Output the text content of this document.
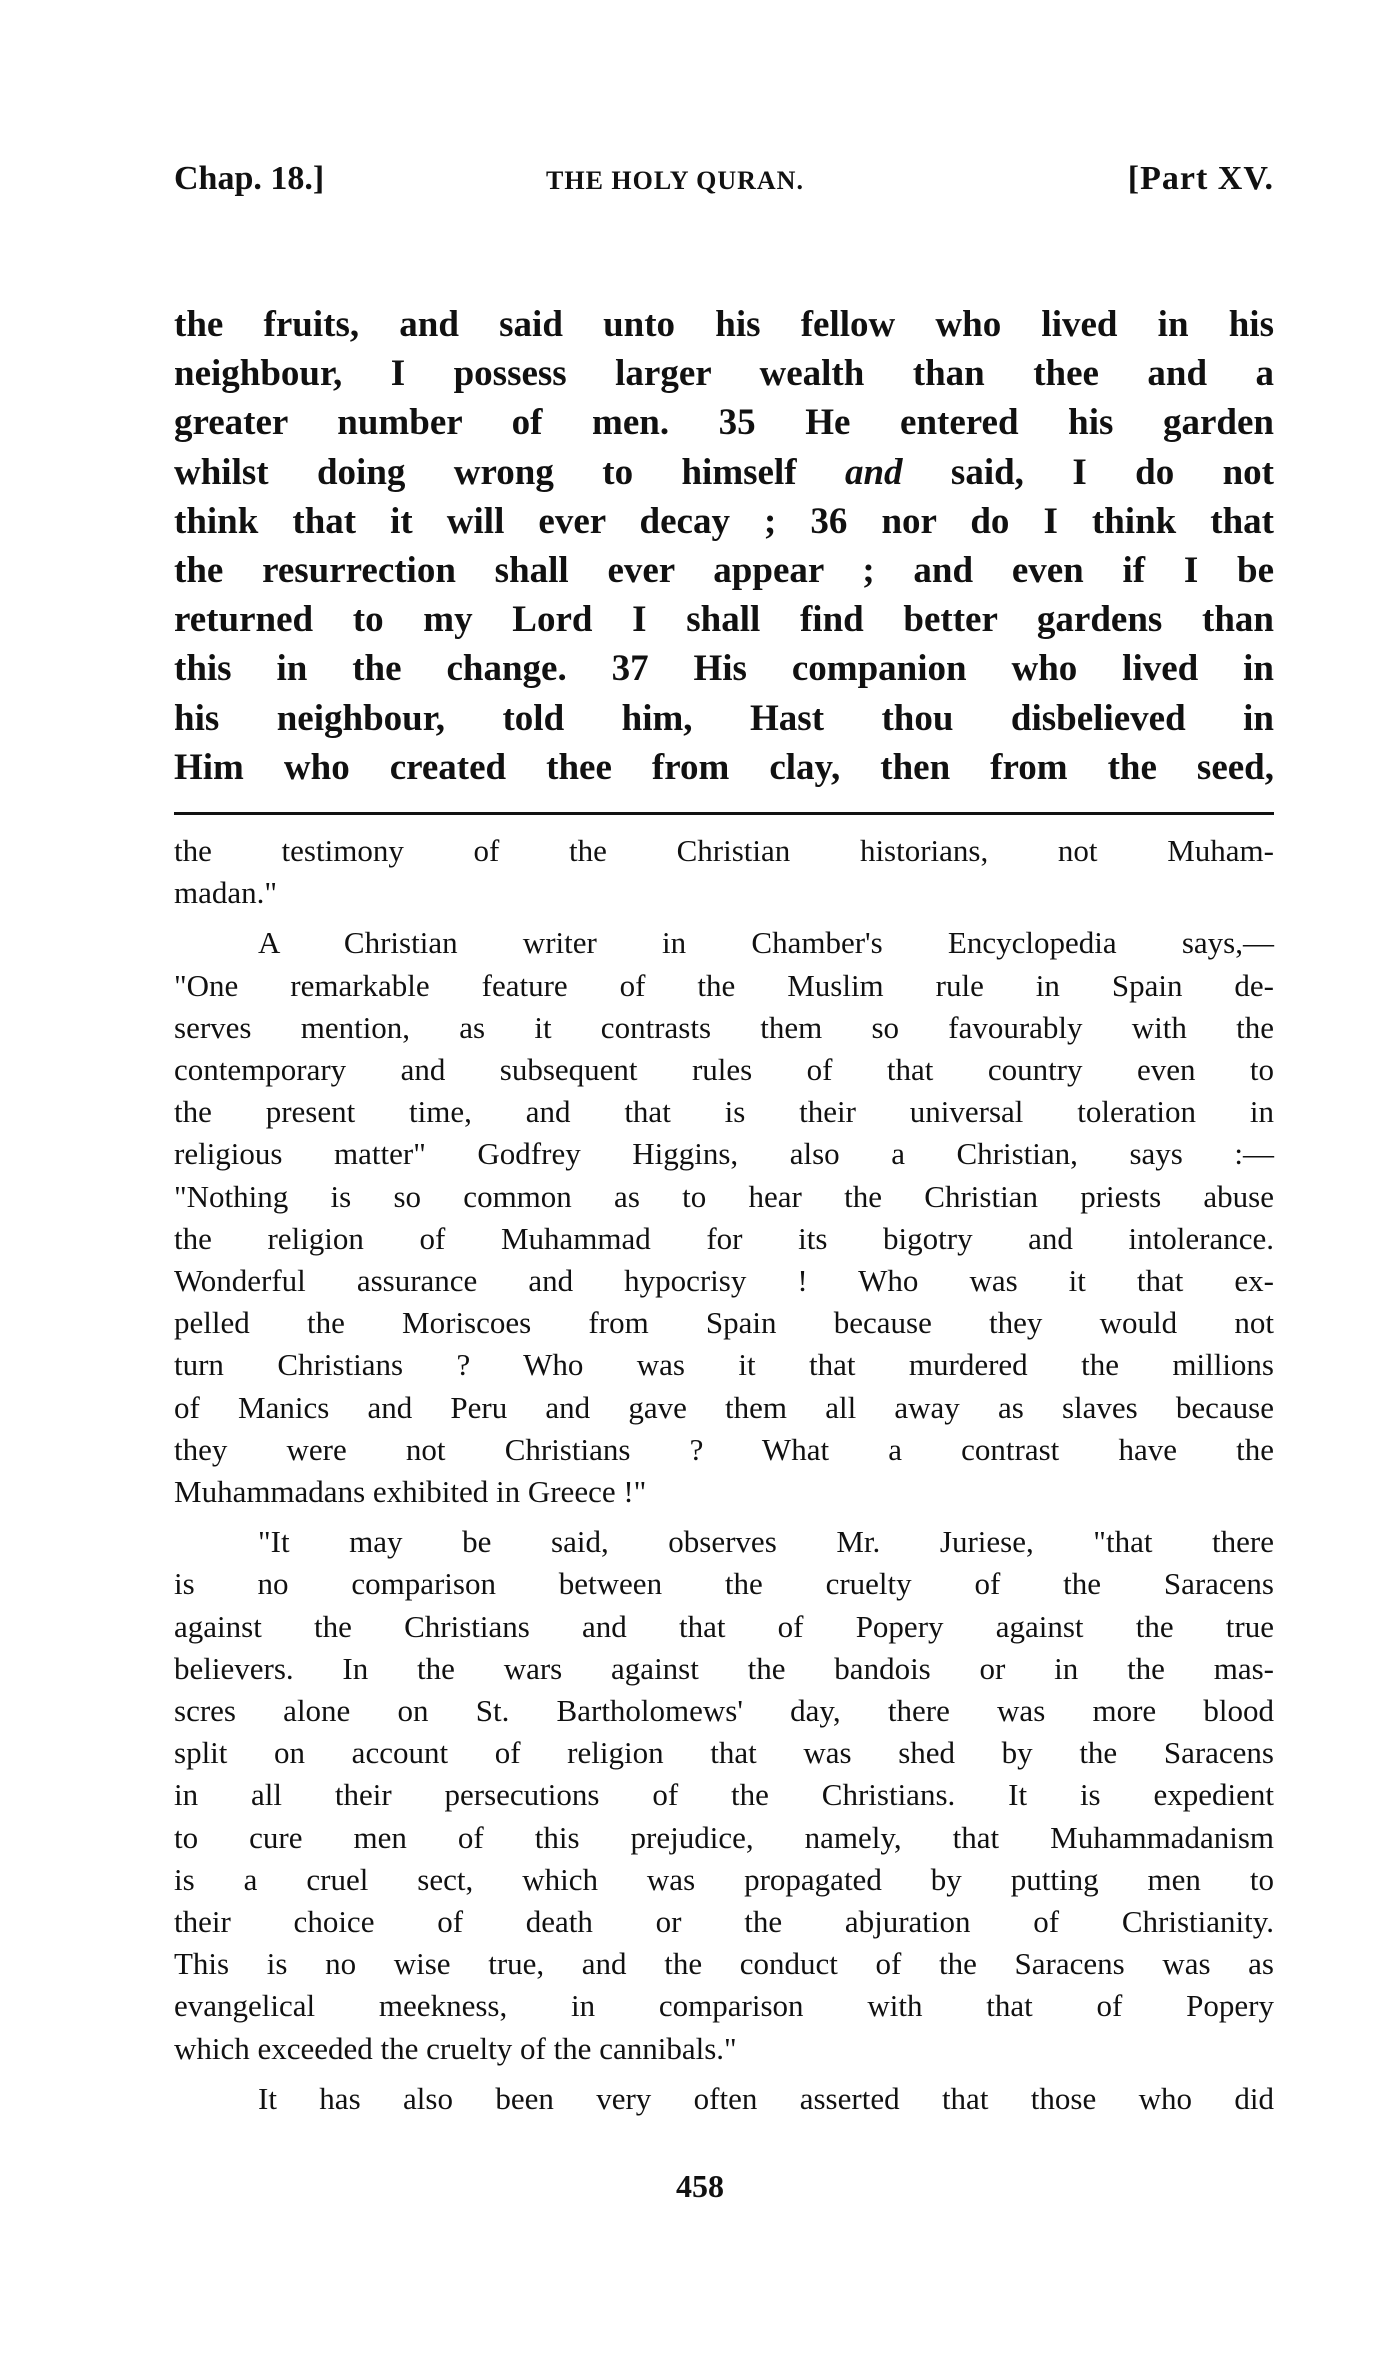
Chap. 18.]	THE HOLY QURAN.	[Part XV.
the fruits, and said unto his fellow who lived in his
neighbour, I possess larger wealth than thee and a
greater number of men. 35 He entered his garden
whilst doing wrong to himself and said, I do not
think that it will ever decay ; 36 nor do I think that
the resurrection shall ever appear ; and even if I be
returned to my Lord I shall find better gardens than
this in the change. 37 His companion who lived in
his neighbour, told him, Hast thou disbelieved in
Him who created thee from clay, then from the seed,
the testimony of the Christian historians, not Muham-
madan."
A Christian writer in Chamber's Encyclopedia says,—
"One remarkable feature of the Muslim rule in Spain de-
serves mention, as it contrasts them so favourably with the
contemporary and subsequent rules of that country even to
the present time, and that is their universal toleration in
religious matter" Godfrey Higgins, also a Christian, says :—
"Nothing is so common as to hear the Christian priests abuse
the religion of Muhammad for its bigotry and intolerance.
Wonderful assurance and hypocrisy ! Who was it that ex-
pelled the Moriscoes from Spain because they would not
turn Christians ? Who was it that murdered the millions
of Manics and Peru and gave them all away as slaves because
they were not Christians ? What a contrast have the
Muhammadans exhibited in Greece !"
"It may be said, observes Mr. Juriese, "that there
is no comparison between the cruelty of the Saracens
against the Christians and that of Popery against the true
believers. In the wars against the bandois or in the mas-
scres alone on St. Bartholomews' day, there was more blood
split on account of religion that was shed by the Saracens
in all their persecutions of the Christians. It is expedient
to cure men of this prejudice, namely, that Muhammadanism
is a cruel sect, which was propagated by putting men to
their choice of death or the abjuration of Christianity.
This is no wise true, and the conduct of the Saracens was as
evangelical meekness, in comparison with that of Popery
which exceeded the cruelty of the cannibals."
It has also been very often asserted that those who did
458
